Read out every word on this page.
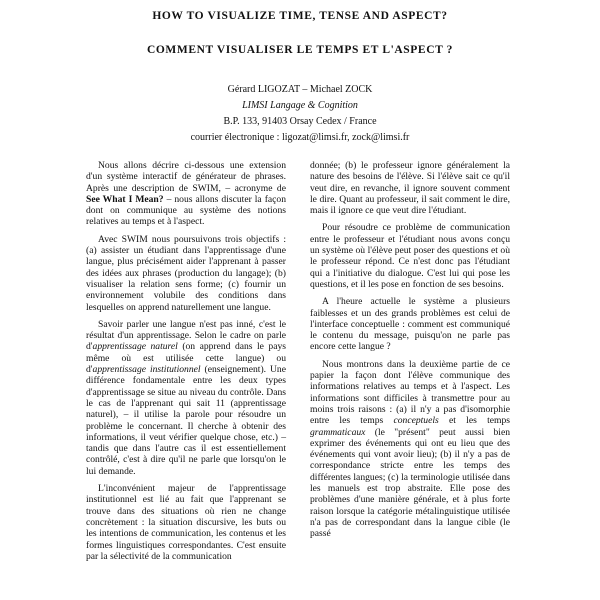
HOW TO VISUALIZE TIME, TENSE AND ASPECT?
COMMENT VISUALISER LE TEMPS ET L'ASPECT ?
Gérard LIGOZAT – Michael ZOCK
LIMSI Langage & Cognition
B.P. 133, 91403 Orsay Cedex / France
courrier électronique : ligozat@limsi.fr, zock@limsi.fr

Nous allons décrire ci-dessous une extension d'un système interactif de générateur de phrases. Après une description de SWIM, – acronyme de See What I Mean? – nous allons discuter la façon dont on communique au système des notions relatives au temps et à l'aspect.

Avec SWIM nous poursuivons trois objectifs : (a) assister un étudiant dans l'apprentissage d'une langue, plus précisément aider l'apprenant à passer des idées aux phrases (production du langage); (b) visualiser la relation sens forme; (c) fournir un environnement volubile des conditions dans lesquelles on apprend naturellement une langue.

Savoir parler une langue n'est pas inné, c'est le résultat d'un apprentissage. Selon le cadre on parle d'apprentissage naturel (on apprend dans le pays même où est utilisée cette langue) ou d'apprentissage institutionnel (enseignement). Une différence fondamentale entre les deux types d'apprentissage se situe au niveau du contrôle. Dans le cas de l'apprenant qui sait 11 (apprentissage naturel), – il utilise la parole pour résoudre un problème le concernant. Il cherche à obtenir des informations, il veut vérifier quelque chose, etc.) – tandis que dans l'autre cas il est essentiellement contrôlé, c'est à dire qu'il ne parle que lorsqu'on le lui demande.

L'inconvénient majeur de l'apprentissage institutionnel est lié au fait que l'apprenant se trouve dans des situations où rien ne change concrètement : la situation discursive, les buts ou les intentions de communication, les contenus et les formes linguistiques correspondantes. C'est ensuite par la sélectivité de la communication

donnée; (b) le professeur ignore généralement la nature des besoins de l'élève. Si l'élève sait ce qu'il veut dire, en revanche, il ignore souvent comment le dire. Quant au professeur, il sait comment le dire, mais il ignore ce que veut dire l'étudiant.

Pour résoudre ce problème de communication entre le professeur et l'étudiant nous avons conçu un système où l'élève peut poser des questions et où le professeur répond. Ce n'est donc pas l'étudiant qui a l'initiative du dialogue. C'est lui qui pose les questions, et il les pose en fonction de ses besoins.

A l'heure actuelle le système a plusieurs faiblesses et un des grands problèmes est celui de l'interface conceptuelle : comment est communiqué le contenu du message, puisqu'on ne parle pas encore cette langue ?

Nous montrons dans la deuxième partie de ce papier la façon dont l'élève communique des informations relatives au temps et à l'aspect. Les informations sont difficiles à transmettre pour au moins trois raisons : (a) il n'y a pas d'isomorphie entre les temps conceptuels et les temps grammaticaux (le "présent" peut aussi bien exprimer des événements qui ont eu lieu que des événements qui vont avoir lieu); (b) il n'y a pas de correspondance stricte entre les temps des différentes langues; (c) la terminologie utilisée dans les manuels est trop abstraite. Elle pose des problèmes d'une manière générale, et à plus forte raison lorsque la catégorie métalinguistique utilisée n'a pas de correspondant dans la langue cible (le passé
